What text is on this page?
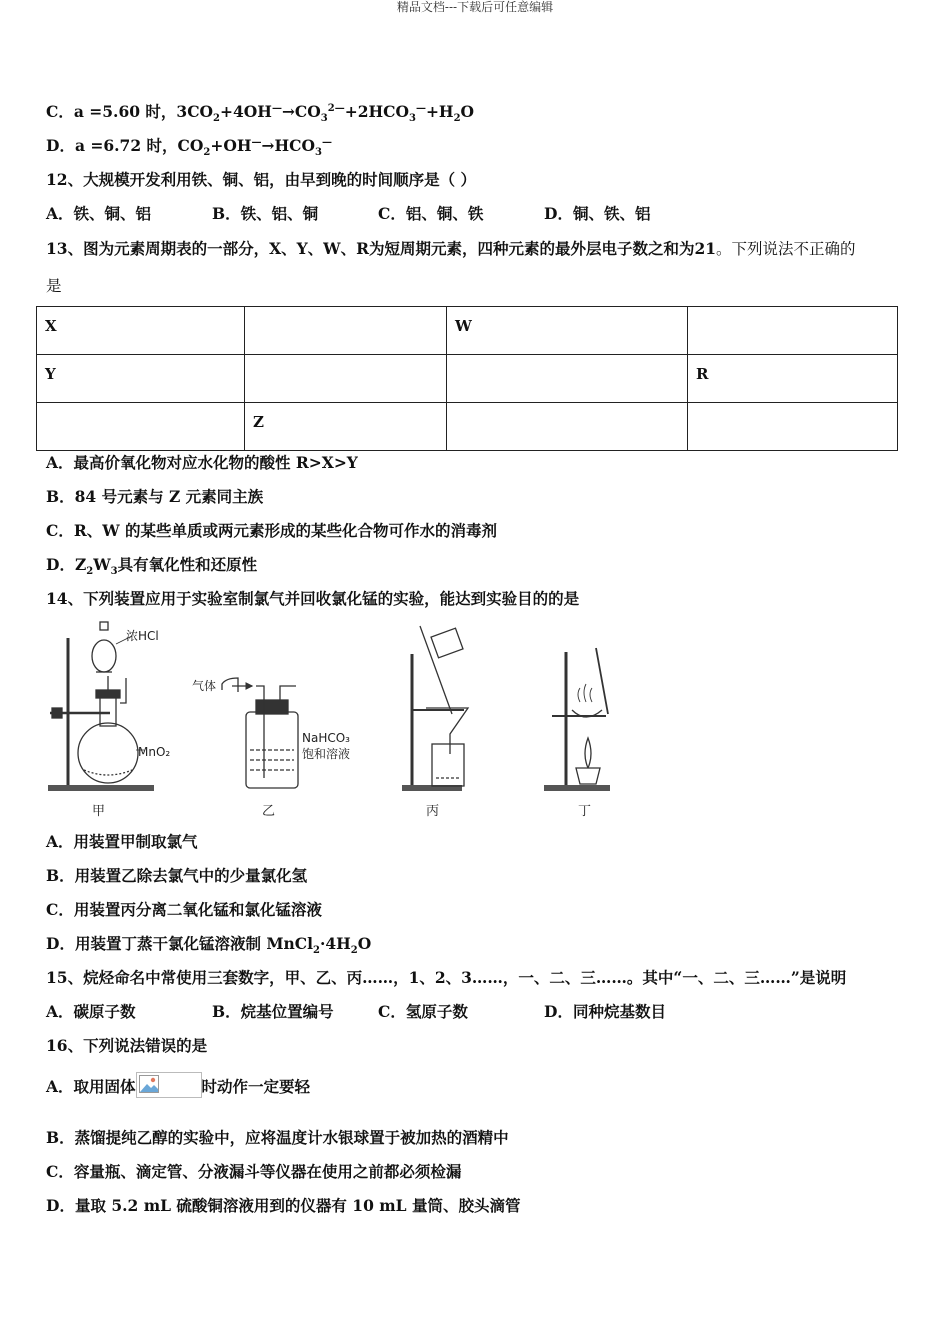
精品文档---下载后可任意编辑
C．a =5.60 时，$3CO_2+4OH^—\to CO_3^{2—}+2HCO_3^—+H_2O$
D．a =6.72 时，$CO_2+OH^—\to HCO_3^—$
12、大规模开发利用铁、铜、铝，由早到晚的时间顺序是（ ）
A．铁、铜、铝	B．铁、铝、铜	C．铝、铜、铁	D．铜、铁、铝
13、图为元素周期表的一部分，X、Y、W、R为短周期元素，四种元素的最外层电子数之和为21。下列说法不正确的
是
X		W	
Y			R
	Z		
A．最高价氧化物对应水化物的酸性 R>X>Y
B．84 号元素与 Z 元素同主族
C．R、W 的某些单质或两元素形成的某些化合物可作水的消毒剂
D．$Z_2W_3$具有氧化性和还原性
14、下列装置应用于实验室制氯气并回收氯化锰的实验，能达到实验目的的是
浓HCl
MnO₂
甲
气体
NaHCO₃
饱和溶液
乙	丙	丁
A．用装置甲制取氯气
B．用装置乙除去氯气中的少量氯化氢
C．用装置丙分离二氧化锰和氯化锰溶液
D．用装置丁蒸干氯化锰溶液制 $MnCl_2\cdot 4H_2O$
15、烷烃命名中常使用三套数字，甲、乙、丙……，1、2、3……，一、二、三……。其中“一、二、三……”是说明
A．碳原子数	B．烷基位置编号	C．氢原子数	D．同种烷基数目
16、下列说法错误的是
A．取用固体	时动作一定要轻
B．蒸馏提纯乙醇的实验中，应将温度计水银球置于被加热的酒精中
C．容量瓶、滴定管、分液漏斗等仪器在使用之前都必须检漏
D．量取 5.2 mL 硫酸铜溶液用到的仪器有 10 mL 量筒、胶头滴管
